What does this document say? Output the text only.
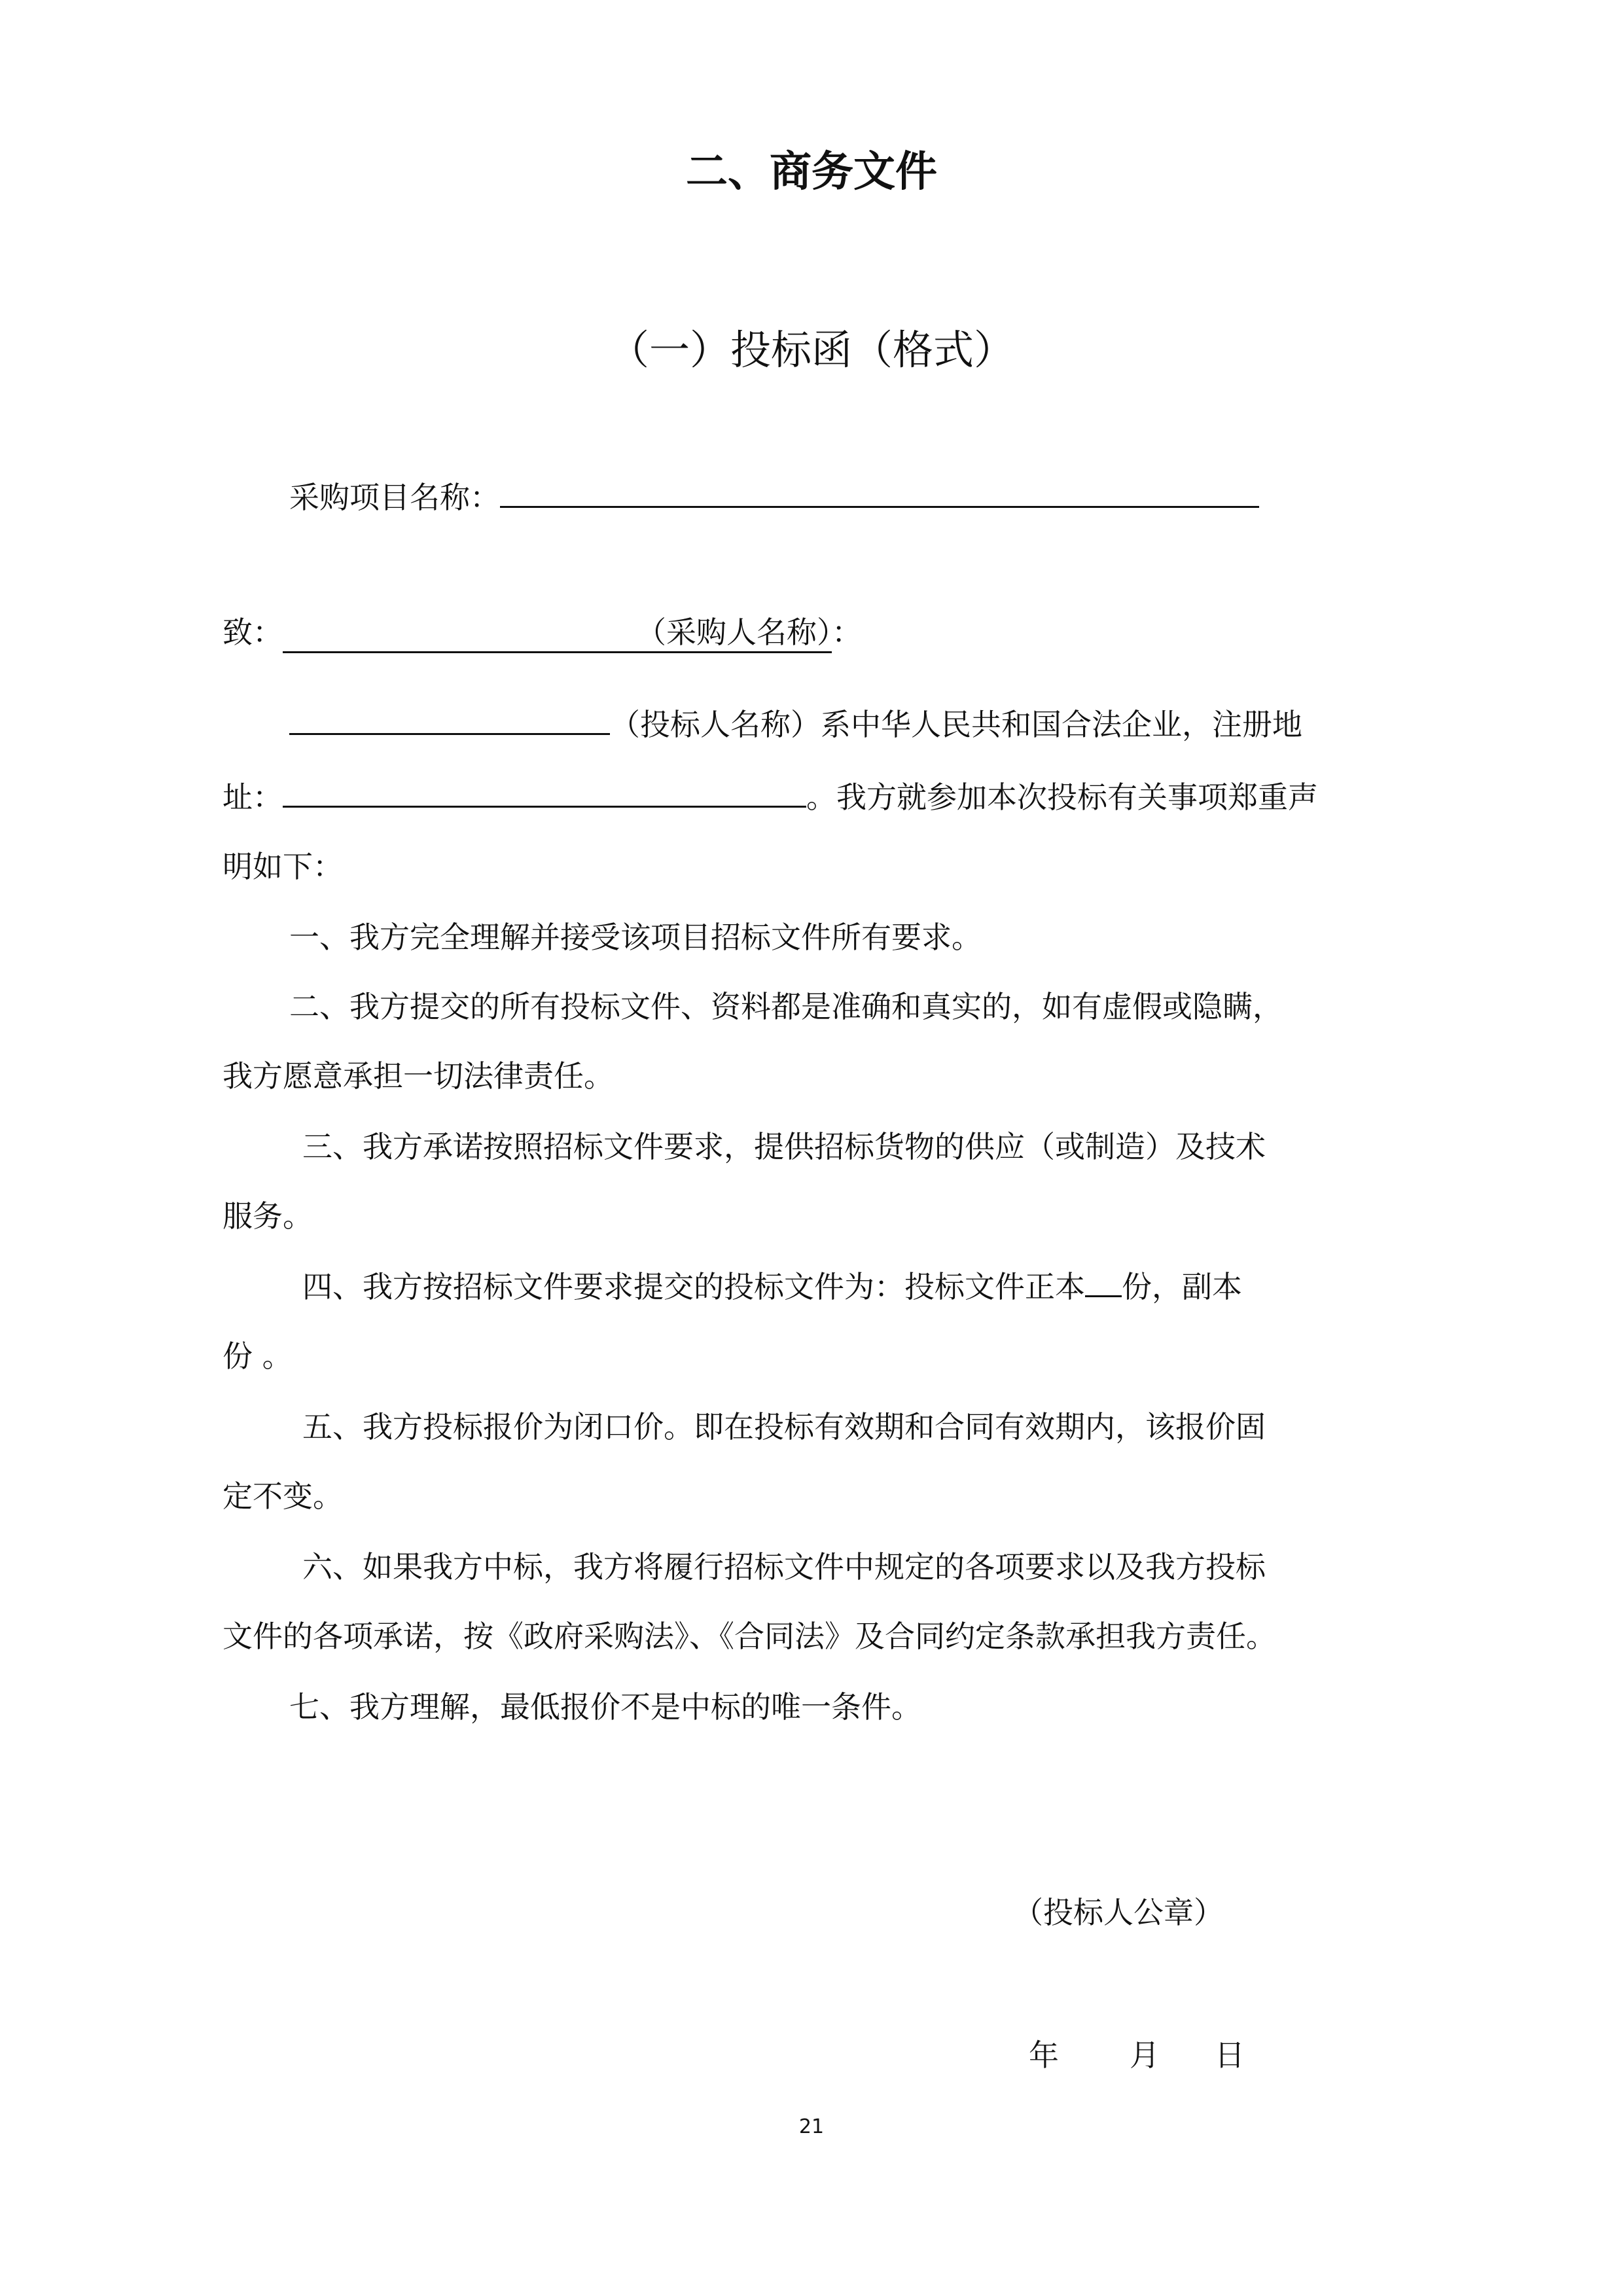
二、商务文件
（一）投标函（格式）
采购项目名称：
致：	（采购人名称）：
（投标人名称）系中华人民共和国合法企业，注册地
址：	。我方就参加本次投标有关事项郑重声
明如下：
一、我方完全理解并接受该项目招标文件所有要求。
二、我方提交的所有投标文件、资料都是准确和真实的，如有虚假或隐瞒，
我方愿意承担一切法律责任。
三、我方承诺按照招标文件要求，提供招标货物的供应（或制造）及技术
服务。
四、我方按招标文件要求提交的投标文件为：投标文件正本 份，副本
份 。
五、我方投标报价为闭口价。即在投标有效期和合同有效期内，该报价固
定不变。
六、如果我方中标，我方将履行招标文件中规定的各项要求以及我方投标
文件的各项承诺，按《政府采购法》、《合同法》及合同约定条款承担我方责任。
七、我方理解，最低报价不是中标的唯一条件。
（投标人公章）
年 月 日
21
